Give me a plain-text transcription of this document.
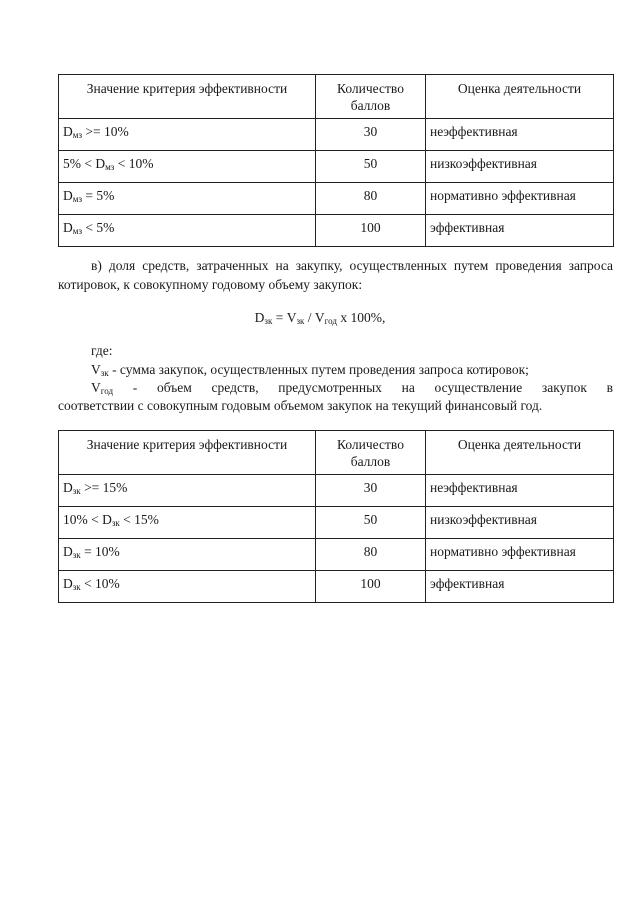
Значение критерия эффективности	Количество баллов	Оценка деятельности
$D_{мз} >= 10\%$	30	неэффективная
$5\% < D_{мз} < 10\%$	50	низкоэффективная
$D_{мз} = 5\%$	80	нормативно эффективная
$D_{мз} < 5\%$	100	эффективная
в) доля средств, затраченных на закупку, осуществленных путем проведения запроса котировок, к совокупному годовому объему закупок:
$D_{зк} = V_{зк} / V_{год}$ x 100%,
где:
$V_{зк}$ - сумма закупок, осуществленных путем проведения запроса котировок;
$V_{год}$ - объем средств, предусмотренных на осуществление закупок в
соответствии с совокупным годовым объемом закупок на текущий финансовый год.
Значение критерия эффективности	Количество баллов	Оценка деятельности
$D_{зк} >= 15\%$	30	неэффективная
$10\% < D_{зк} < 15\%$	50	низкоэффективная
$D_{зк} = 10\%$	80	нормативно эффективная
$D_{зк} < 10\%$	100	эффективная
